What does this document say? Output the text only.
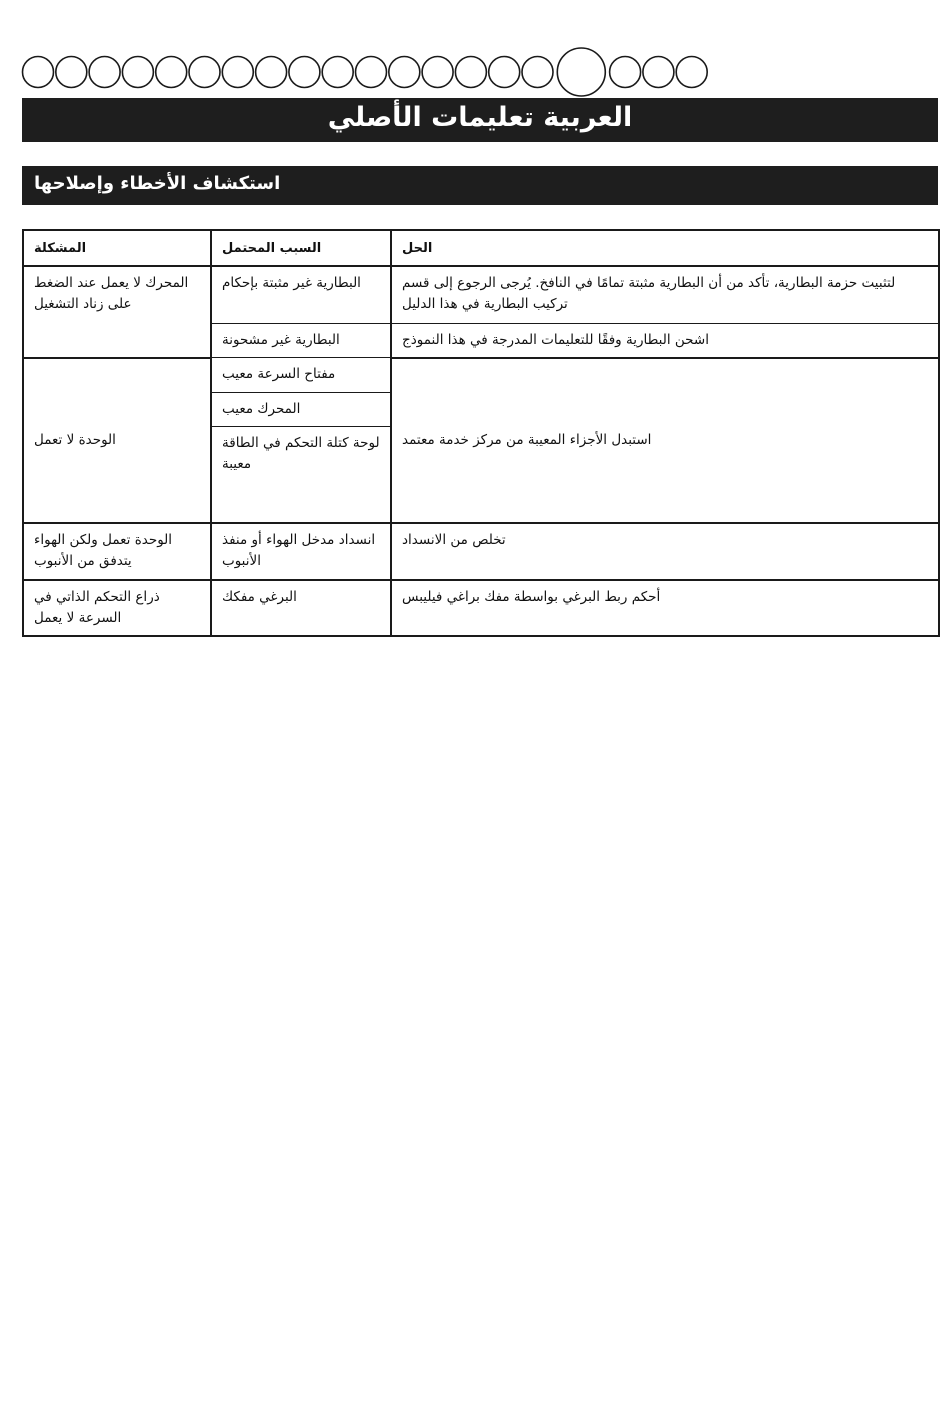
العربية تعليمات الأصلي
استكشاف الأخطاء وإصلاحها
المشكلة	السبب المحتمل	الحل
المحرك لا يعمل عند الضغط على زناد التشغيل	البطارية غير مثبتة بإحكام	لتثبيت حزمة البطارية، تأكد من أن البطارية مثبتة تمامًا في النافخ. يُرجى الرجوع إلى قسم تركيب البطارية في هذا الدليل
	البطارية غير مشحونة	اشحن البطارية وفقًا للتعليمات المدرجة في هذا النموذج
الوحدة لا تعمل	مفتاح السرعة معيب	استبدل الأجزاء المعيبة من مركز خدمة معتمد
	المحرك معيب	
	لوحة كتلة التحكم في الطاقة معيبة	
الوحدة تعمل ولكن الهواء يتدفق من الأنبوب	انسداد مدخل الهواء أو منفذ الأنبوب	تخلص من الانسداد
ذراع التحكم الذاتي في السرعة لا يعمل	البرغي مفكك	أحكم ربط البرغي بواسطة مفك براغي فيليبس
